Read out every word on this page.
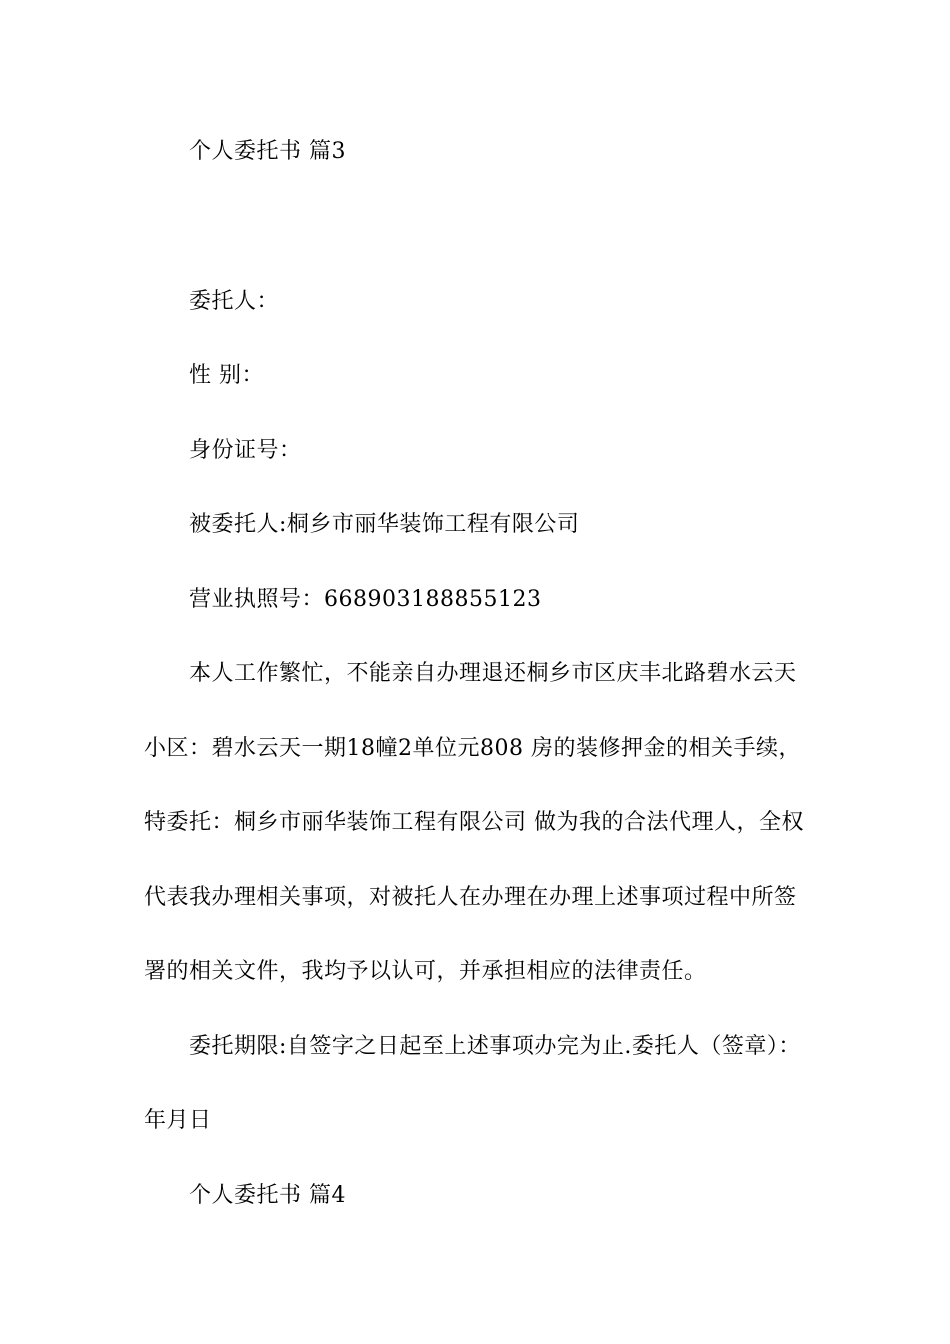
个人委托书 篇3
委托人：
性 别：
身份证号：
被委托人:桐乡市丽华装饰工程有限公司
营业执照号：668903188855123
本人工作繁忙，不能亲自办理退还桐乡市区庆丰北路碧水云天
小区：碧水云天一期18幢2单位元808 房的装修押金的相关手续，
特委托：桐乡市丽华装饰工程有限公司 做为我的合法代理人，全权
代表我办理相关事项，对被托人在办理在办理上述事项过程中所签
署的相关文件，我均予以认可，并承担相应的法律责任。
委托期限:自签字之日起至上述事项办完为止.委托人（签章）：
年月日
个人委托书 篇4
